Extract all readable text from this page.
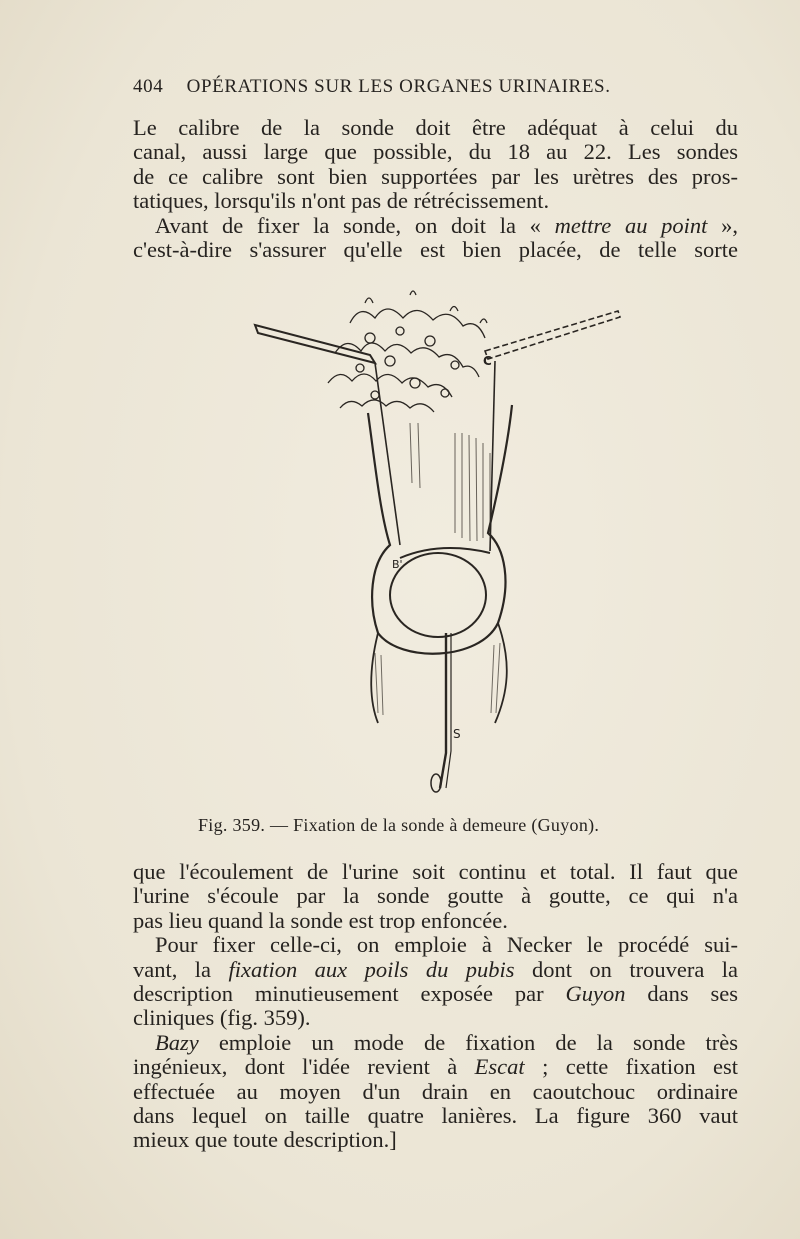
404 OPÉRATIONS SUR LES ORGANES URINAIRES.
Le calibre de la sonde doit être adéquat à celui du
canal, aussi large que possible, du 18 au 22. Les sondes
de ce calibre sont bien supportées par les urètres des pros-
tatiques, lorsqu'ils n'ont pas de rétrécissement.
Avant de fixer la sonde, on doit la « mettre au point »,
c'est-à-dire s'assurer qu'elle est bien placée, de telle sorte
C
B'
S
Fig. 359. — Fixation de la sonde à demeure (Guyon).
que l'écoulement de l'urine soit continu et total. Il faut que
l'urine s'écoule par la sonde goutte à goutte, ce qui n'a
pas lieu quand la sonde est trop enfoncée.
Pour fixer celle-ci, on emploie à Necker le procédé sui-
vant, la fixation aux poils du pubis dont on trouvera la
description minutieusement exposée par Guyon dans ses
cliniques (fig. 359).
Bazy emploie un mode de fixation de la sonde très
ingénieux, dont l'idée revient à Escat ; cette fixation est
effectuée au moyen d'un drain en caoutchouc ordinaire
dans lequel on taille quatre lanières. La figure 360 vaut
mieux que toute description.]
